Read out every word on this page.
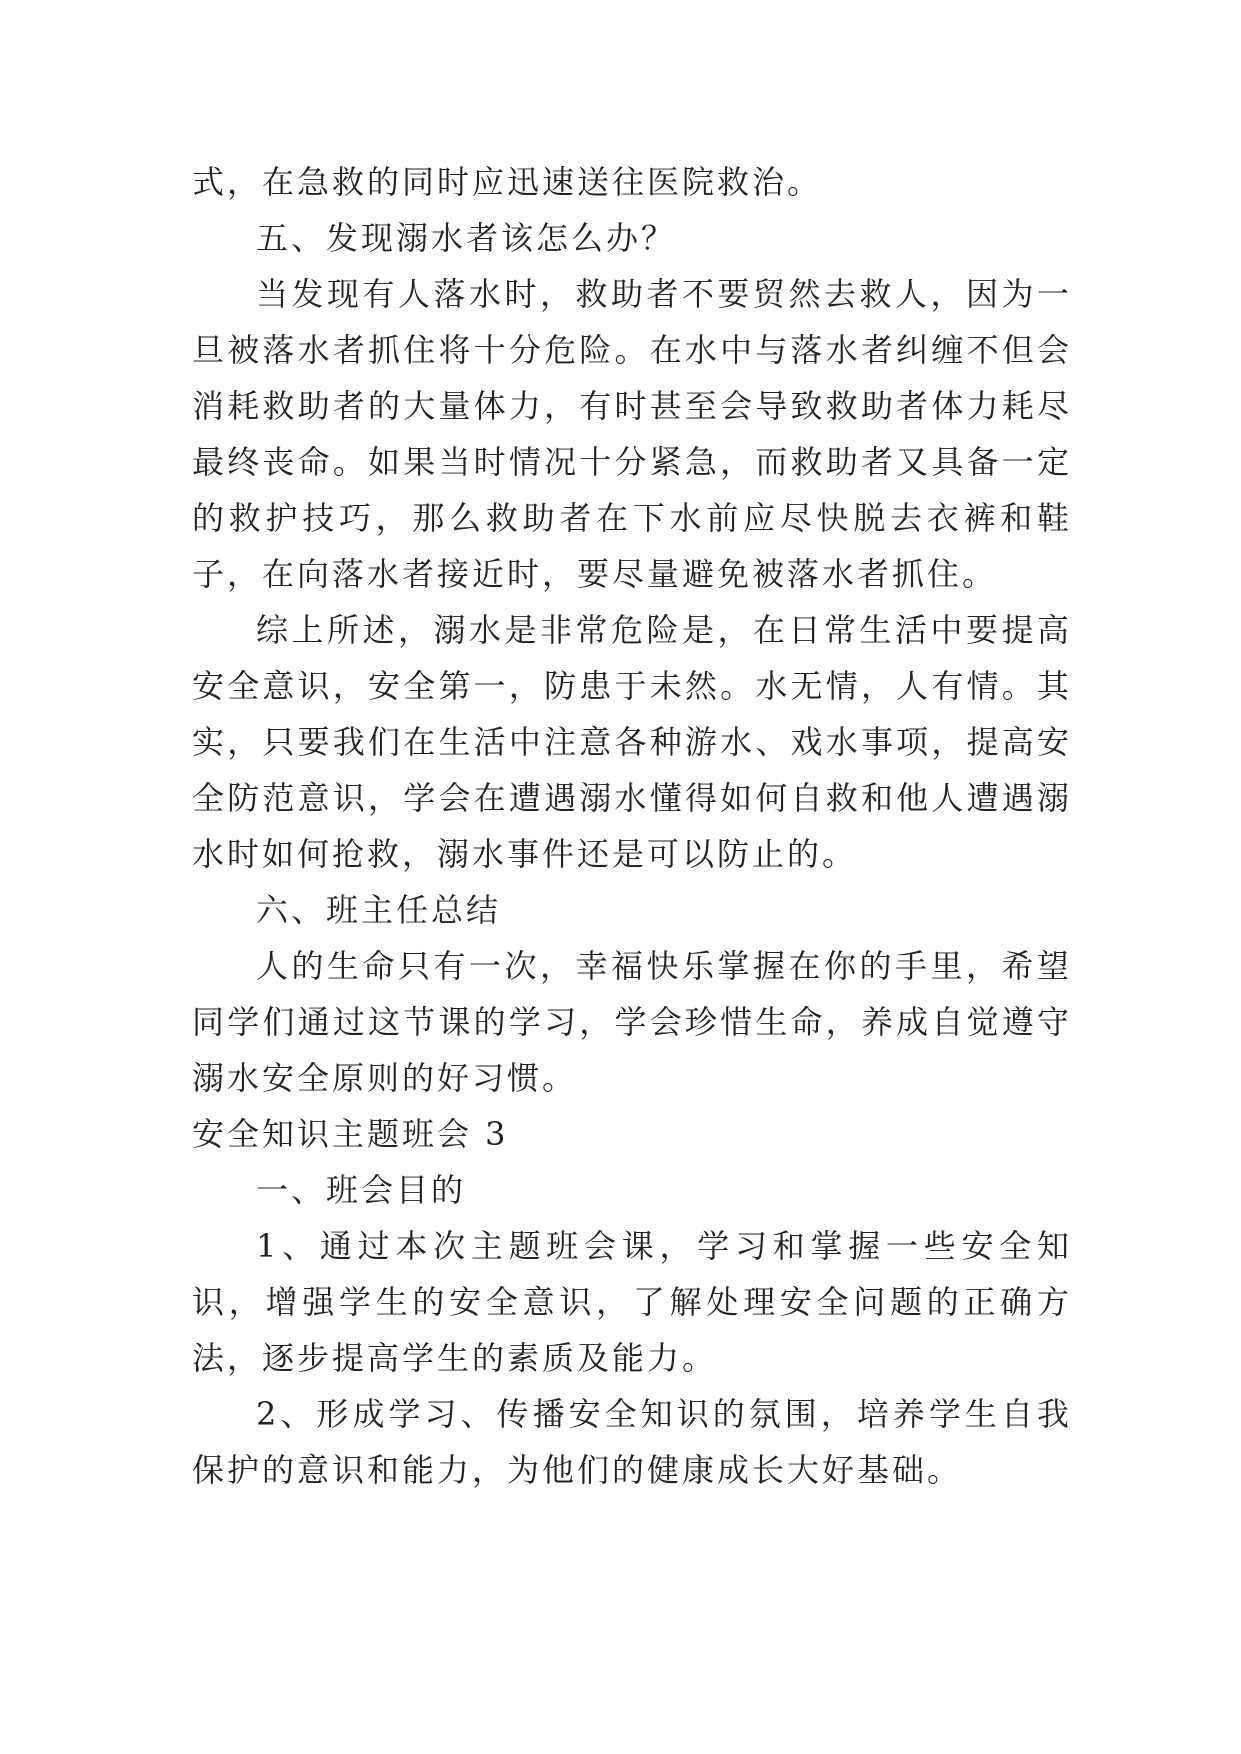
式，在急救的同时应迅速送往医院救治。

五、发现溺水者该怎么办？

当发现有人落水时，救助者不要贸然去救人，因为一旦被落水者抓住将十分危险。在水中与落水者纠缠不但会消耗救助者的大量体力，有时甚至会导致救助者体力耗尽最终丧命。如果当时情况十分紧急，而救助者又具备一定的救护技巧，那么救助者在下水前应尽快脱去衣裤和鞋子，在向落水者接近时，要尽量避免被落水者抓住。

综上所述，溺水是非常危险是，在日常生活中要提高安全意识，安全第一，防患于未然。水无情，人有情。其实，只要我们在生活中注意各种游水、戏水事项，提高安全防范意识，学会在遭遇溺水懂得如何自救和他人遭遇溺水时如何抢救，溺水事件还是可以防止的。

六、班主任总结

人的生命只有一次，幸福快乐掌握在你的手里，希望同学们通过这节课的学习，学会珍惜生命，养成自觉遵守溺水安全原则的好习惯。

安全知识主题班会 3

一、班会目的

1、通过本次主题班会课，学习和掌握一些安全知识，增强学生的安全意识，了解处理安全问题的正确方法，逐步提高学生的素质及能力。

2、形成学习、传播安全知识的氛围，培养学生自我保护的意识和能力，为他们的健康成长大好基础。
